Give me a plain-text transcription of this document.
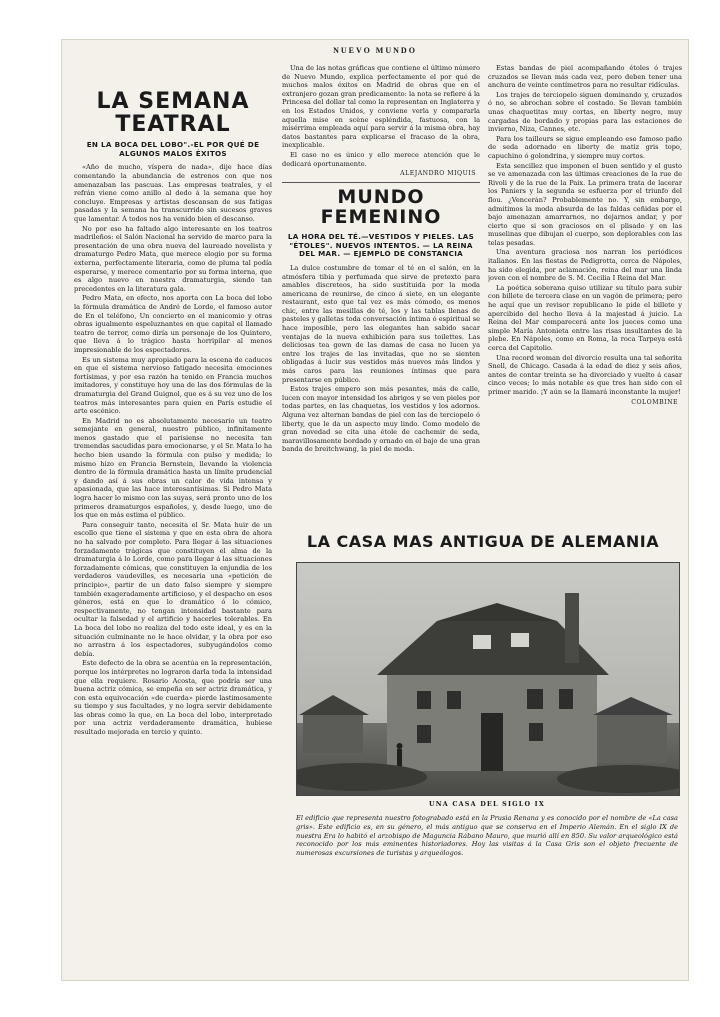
NUEVO MUNDO
LA SEMANA
TEATRAL
EN LA BOCA DEL LOBO".-EL POR QUÉ DE ALGUNOS MALOS ÉXITOS

«Año de mucho, víspera de nada», dije hace días comentando la abundancia de estrenos con que nos amenazaban las pascuas. Las empresas teatrales, y el refrán viene como anillo al dedo á la semana que hoy concluye. Empresas y artistas descansan de sus fatigas pasadas y la semana ha transcurrido sin sucesos graves que lamentar. Á todos nos ha venido bien el descanso.

No por eso ha faltado algo interesante en los teatros madrileños: el Salón Nacional ha servido de marco para la presentación de una obra nueva del laureado novelista y dramaturgo Pedro Mata, que merece elogio por su forma externa, perfectamente literaria, como de pluma tal podía esperarse, y merece comentario por su forma interna, que es algo nuevo en nuestra dramaturgia, siendo tan precedentes en la literatura gala.

Pedro Mata, en efecto, nos aporta con La boca del lobo la fórmula dramática de André de Lorde, el famoso autor de En el teléfono, Un concierto en el manicomio y otras obras igualmente espeluznantes en que capital el llamado teatro de terror, como diría un personaje de los Quintero, que lleva á lo trágico hasta horripilar al menos impresionable de los espectadores.

Es un sistema muy apropiado para la escena de caducos en que el sistema nervioso fatigado necesita emociones fortísimas, y por esa razón ha tenido en Francia muchos imitadores, y constituye hoy una de las dos fórmulas de la dramaturgia del Grand Guignol, que es á su vez uno de los teatros más interesantes para quien en París estudie el arte escénico.

En Madrid no es absolutamente necesario un teatro semejante en general, nuestro público, infinitamente menos gastado que el parisiense no necesita tan tremendas sacudidas para emocionarse, y el Sr. Mata lo ha hecho bien usando la fórmula con pulso y medida; lo mismo hizo en Francia Bernstein, llevando la violencia dentro de la fórmula dramática hasta un límite prudencial y dando así á sus obras un calor de vida intensa y apasionada, que las hace interesantísimas. Si Pedro Mata logra hacer lo mismo con las suyas, será pronto uno de los primeros dramaturgos españoles, y, desde luego, uno de los que en más estima el público.

Para conseguir tanto, necesita el Sr. Mata huir de un escollo que tiene el sistema y que en esta obra de ahora no ha salvado por completo. Para llegar á las situaciones forzadamente trágicas que constituyen el alma de la dramaturgia á lo Lorde, como para llegar á las situaciones forzadamente cómicas, que constituyen la enjundia de los verdaderos vaudevilles, es necesaria una «petición de principio», partir de un dato falso siempre y siempre también exageradamente artificioso, y el despacho en esos géneros, está en que lo dramático ó lo cómico, respectivamente, no tengan intensidad bastante para ocultar la falsedad y el artificio y hacerles tolerables. En La boca del lobo no realiza del todo este ideal, y es en la situación culminante no le hace olvidar, y la obra por eso no arrastra á los espectadores, subyugándolos como debía.

Este defecto de la obra se acentúa en la representación, porque los intérpretes no lograron darla toda la intensidad que ella requiere. Rosario Acosta, que podría ser una buena actriz cómica, se empeña en ser actriz dramática, y con esta equivocación «de cuerda» pierde lastimosamente su tiempo y sus facultades, y no logra servir debidamente las obras como la que, en La boca del lobo, interpretado por una actriz verdaderamente dramática, hubiese resultado mejorada en tercio y quinto.

Una de las notas gráficas que contiene el último número de Nuevo Mundo, explica perfectamente el por qué de muchos malos éxitos en Madrid de obras que en el extranjero gozan gran predicamento: la nota se refiere á la Princesa del dollar tal como la representan en Inglaterra y en los Estados Unidos, y conviene verla y compararla aquella mise en scène espléndida, fastuosa, con la misérrima empleada aquí para servir á la misma obra, hay datos bastantes para explicarse el fracaso de la obra, inexplicable.

El caso no es único y ello merece atención que le dedicará oportunamente.

ALEJANDRO MIQUIS
MUNDO
FEMENINO
LA HORA DEL TÉ.—VESTIDOS Y PIELES. LAS "ÉTOLES". NUEVOS INTENTOS. — LA REINA DEL MAR. — EJEMPLO DE CONSTANCIA

La dulce costumbre de tomar el té en el salón, en la atmósfera tibia y perfumada que sirve de pretexto para amables discreteos, ha sido sustituida por la moda americana de reunirse, de cinco á siete, en un elegante restaurant, esto que tal vez es más cómodo, es menos chic, entre las mesillas de té, los y las tablas llenas de pasteles y galletas toda conversación íntima ó espiritual se hace imposible, pero las elegantes han sabido sacar ventajas de la nueva exhibición para sus toilettes. Las deliciosas tea gown de las damas de casa no lucen ya entre los trajes de las invitadas, que no se sienten obligadas á lucir sus vestidos más nuevos más lindos y más caros para las reuniones íntimas que para presentarse en público.

Estos trajes empero son más pesantes, más de calle, lucen con mayor intensidad los abrigos y se ven pieles por todas partes, en las chaquetas, los vestidos y los adornos. Alguna vez alternan bandas de piel con las de terciopelo ó liberty, que le da un aspecto muy lindo. Como modelo de gran novedad se cita una étole de cachemir de seda, maravillosamente bordado y ornado en el bajo de una gran banda de breitchwang, la piel de moda.

Estas bandas de piel acompañando étoles ó trajes cruzados se llevan más cada vez, pero deben tener una anchura de veinte centímetros para no resultar ridículas.

Los trajes de terciopelo siguen dominando y, cruzados ó no, se abrochan sobre el costado. Se llevan también unas chaquetitas muy cortas, en liberty negro, muy cargadas de bordado y propias para las estaciones de invierno, Niza, Cannes, etc.

Para los tailleurs se sigue empleando ese famoso paño de seda adornado en liberty de matiz gris topo, capuchino ó golondrina, y siempre muy cortos.

Esta sencillez que imponen el buen sentido y el gusto se ve amenazada con las últimas creaciones de la rue de Rivoli y de la rue de la Paix. La primera trata de lacerar los Paniers y la segunda se esfuerza por el triunfo del flou. ¿Vencerán? Probablemente no. Y, sin embargo, admitimos la moda absurda de las faldas ceñidas por el bajo amenazan amarrarnos, no dejarnos andar, y por cierto que si son graciosos en el plisado y en las muselinas que dibujan el cuerpo, son deplorables con las telas pesadas.

Una aventura graciosa nos narran los periódicos italianos. En las fiestas de Pedigrotta, cerca de Nápoles, ha sido elegida, por aclamación, reina del mar una linda joven con el nombre de S. M. Cecilia I Reina del Mar.

La poética soberana quiso utilizar su título para subir con billete de tercera clase en un vagón de primera; pero he aquí que un revisor republicano le pide el billete y apercibido del hecho lleva á la majestad á juicio. La Reina del Mar comparecerá ante los jueces como una simple María Antonieta entre las risas insultantes de la plebe. En Nápoles, como en Roma, la roca Tarpeya está cerca del Capitolio.

Una record woman del divorcio resulta una tal señorita Snell, de Chicago. Casada á la edad de diez y seis años, antes de contar treinta se ha divorciado y vuelto á casar cinco veces; lo más notable es que tres han sido con el primer marido. ¡Y aún se la llamará inconstante la mujer!

COLOMBINE
LA CASA MAS ANTIGUA DE ALEMANIA
UNA CASA DEL SIGLO IX

El edificio que representa nuestro fotograbado está en la Prusia Renana y es conocido por el nombre de «La casa gris». Este edificio es, en su género, el más antiguo que se conserva en el Imperio Alemán. En el siglo IX de nuestra Era lo habitó el arzobispo de Maguncia Rábano Mauro, que murió allí en 850. Su valor arqueológico está reconocido por los más eminentes historiadores. Hoy las visitas á la Casa Gris son el objeto frecuente de numerosas excursiones de turistas y arqueólogos.
